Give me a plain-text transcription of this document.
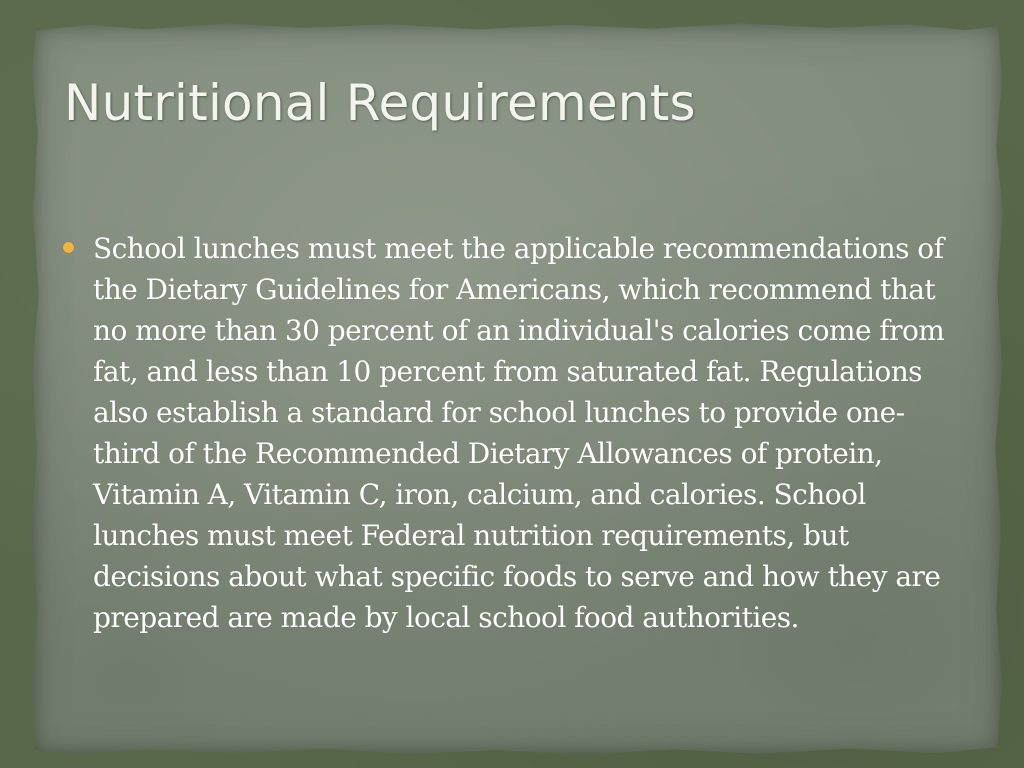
Nutritional Requirements
School lunches must meet the applicable recommendations of the Dietary Guidelines for Americans, which recommend that no more than 30 percent of an individual's calories come from fat, and less than 10 percent from saturated fat. Regulations also establish a standard for school lunches to provide one-third of the Recommended Dietary Allowances of protein, Vitamin A, Vitamin C, iron, calcium, and calories. School lunches must meet Federal nutrition requirements, but decisions about what specific foods to serve and how they are prepared are made by local school food authorities.
